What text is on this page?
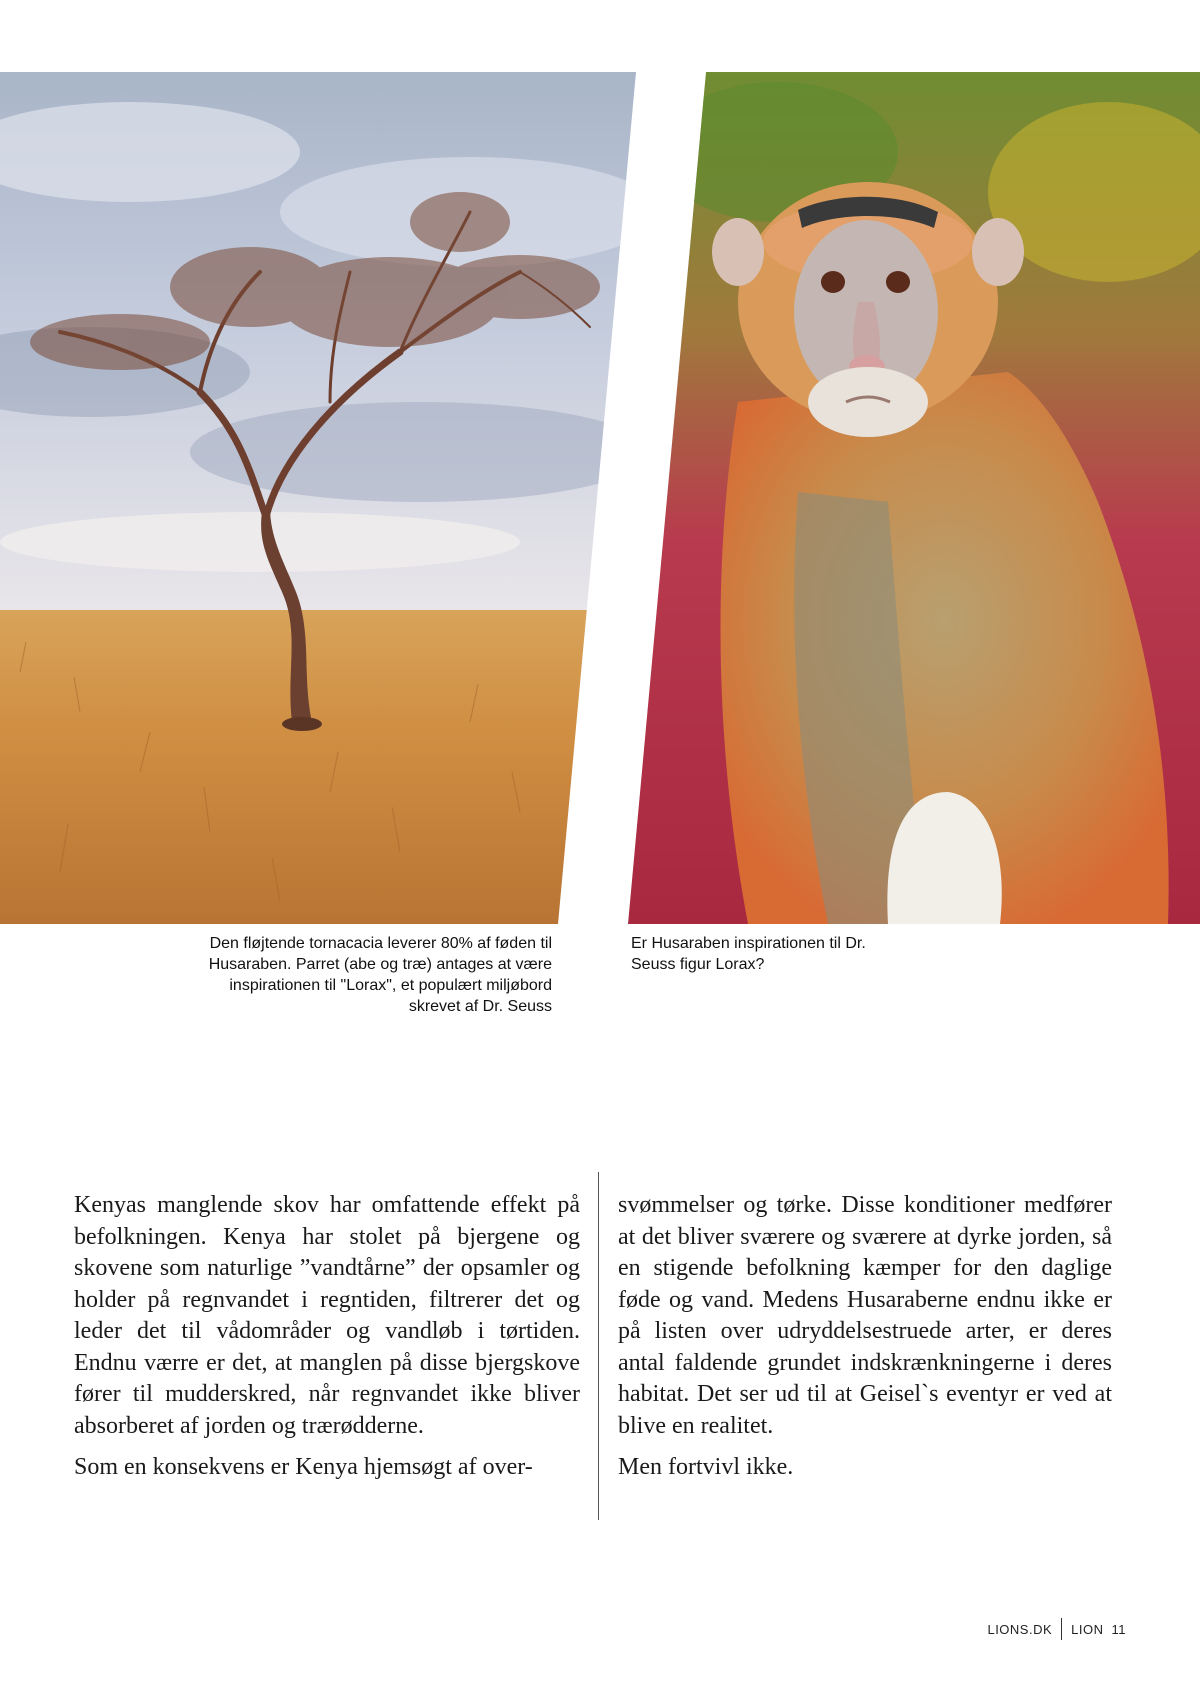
Den fløjtende tornacacia leverer 80% af føden til
Husaraben. Parret (abe og træ) antages at være
inspirationen til "Lorax", et populært miljøbord
skrevet af Dr. Seuss
Er Husaraben inspirationen til Dr.
Seuss figur Lorax?

Kenyas manglende skov har omfattende effekt på befolkningen. Kenya har stolet på bjergene og skovene som naturlige ”vandtårne” der opsamler og holder på regnvandet i regntiden, filtrerer det og leder det til vådområder og vandløb i tørtiden. Endnu værre er det, at manglen på disse bjergskove fører til mudderskred, når regnvandet ikke bliver absorberet af jorden og trærødderne.

Som en konsekvens er Kenya hjemsøgt af over-

svømmelser og tørke. Disse konditioner medfører at det bliver sværere og sværere at dyrke jorden, så en stigende befolkning kæmper for den daglige føde og vand. Medens Husaraberne endnu ikke er på listen over udryddelsestruede arter, er deres antal faldende grundet indskrænkningerne i deres habitat. Det ser ud til at Geisel`s eventyr er ved at blive en realitet.

Men fortvivl ikke.

LIONS.DK LION 11
